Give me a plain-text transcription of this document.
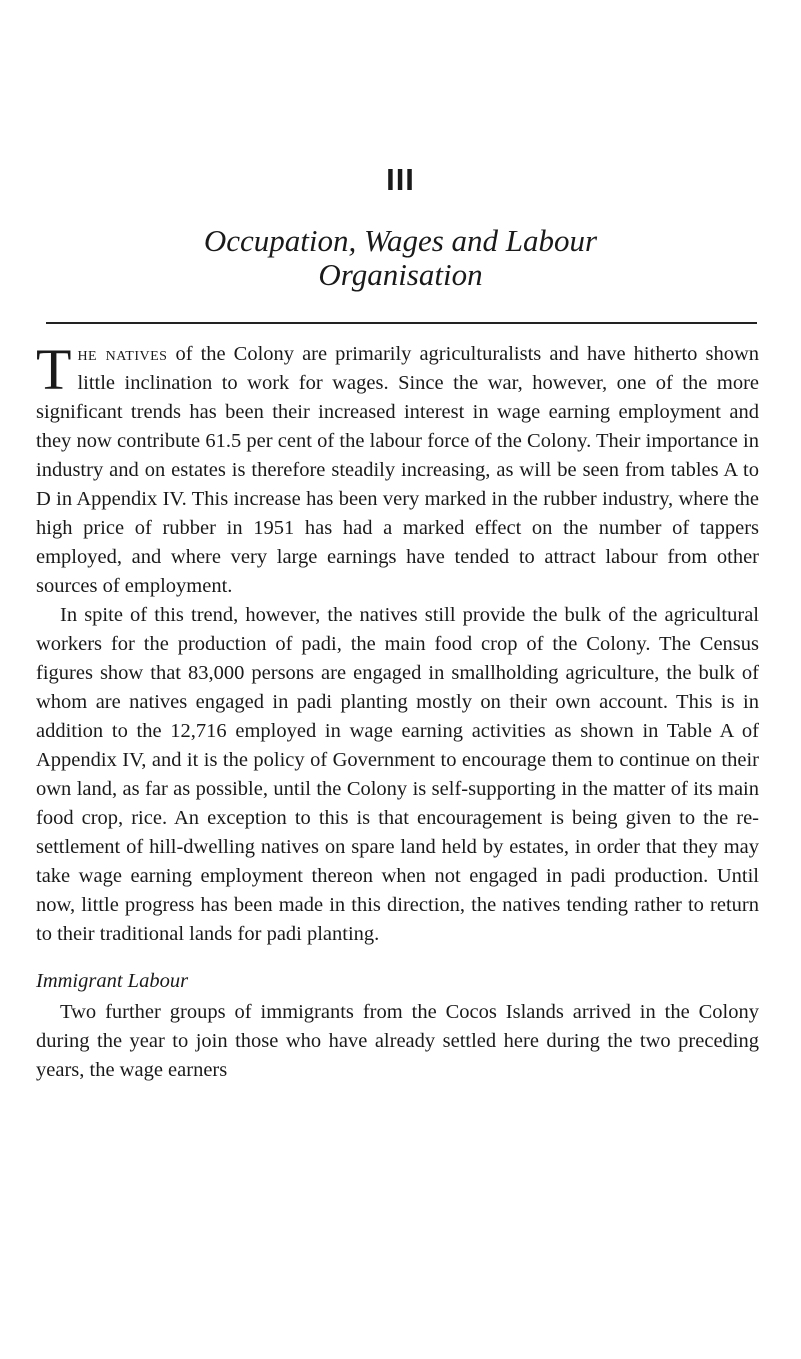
III
Occupation, Wages and Labour
Organisation

The natives of the Colony are primarily agriculturalists and have hitherto shown little inclination to work for wages. Since the war, however, one of the more significant trends has been their increased interest in wage earning employment and they now contribute 61.5 per cent of the labour force of the Colony. Their importance in industry and on estates is therefore steadily increasing, as will be seen from tables A to D in Appendix IV. This increase has been very marked in the rubber industry, where the high price of rubber in 1951 has had a marked effect on the number of tappers employed, and where very large earnings have tended to attract labour from other sources of employment.

In spite of this trend, however, the natives still provide the bulk of the agricultural workers for the production of padi, the main food crop of the Colony. The Census figures show that 83,000 persons are engaged in smallholding agriculture, the bulk of whom are natives engaged in padi planting mostly on their own account. This is in addition to the 12,716 employed in wage earning activities as shown in Table A of Appendix IV, and it is the policy of Government to encourage them to continue on their own land, as far as possible, until the Colony is self-supporting in the matter of its main food crop, rice. An exception to this is that encouragement is being given to the re-settlement of hill-dwelling natives on spare land held by estates, in order that they may take wage earning employment thereon when not engaged in padi production. Until now, little progress has been made in this direction, the natives tending rather to return to their traditional lands for padi planting.

Immigrant Labour

Two further groups of immigrants from the Cocos Islands arrived in the Colony during the year to join those who have already settled here during the two preceding years, the wage earners
